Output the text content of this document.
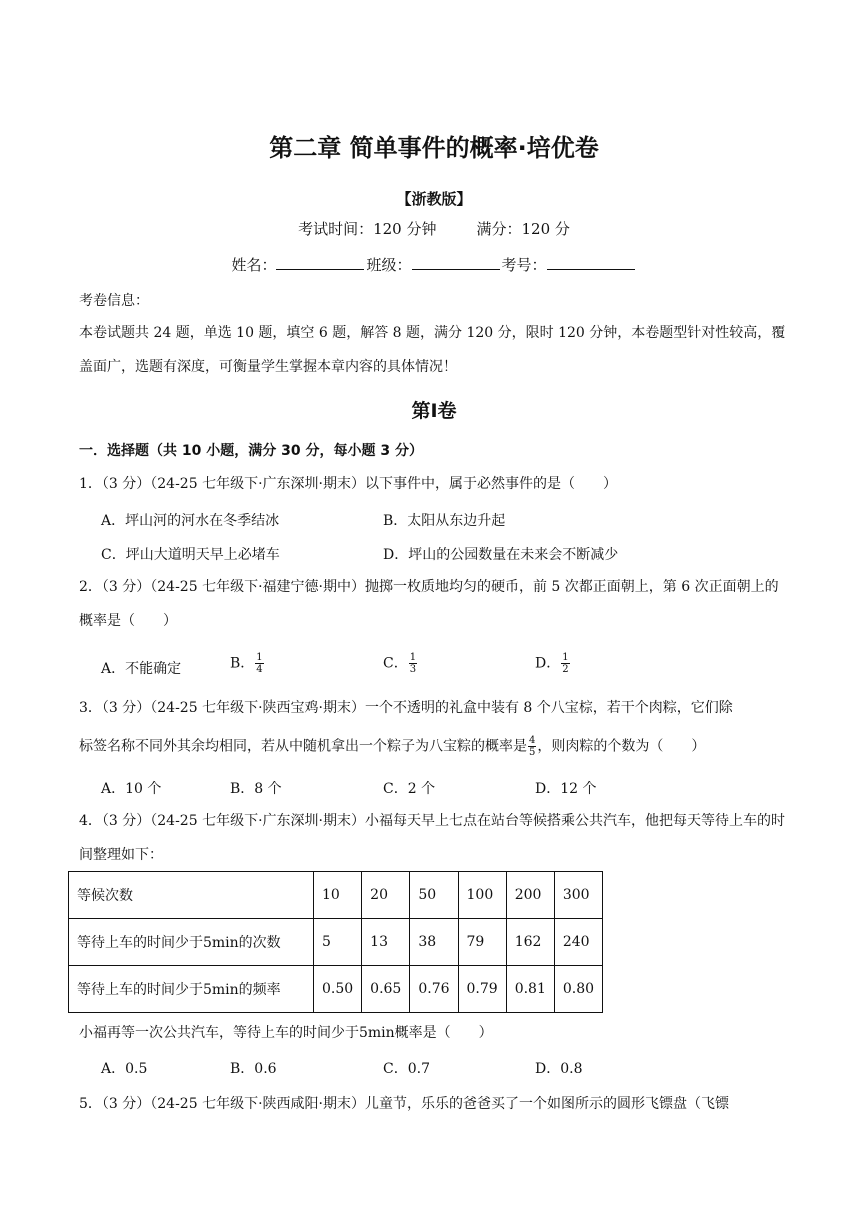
第二章 简单事件的概率·培优卷
【浙教版】
考试时间：120 分钟	满分：120 分
姓名：	班级：	考号：
考卷信息：
本卷试题共 24 题，单选 10 题，填空 6 题，解答 8 题，满分 120 分，限时 120 分钟，本卷题型针对性较高，覆盖面广，选题有深度，可衡量学生掌握本章内容的具体情况！
第Ⅰ卷
一．选择题（共 10 小题，满分 30 分，每小题 3 分）
1．（3 分）（24-25 七年级下·广东深圳·期末）以下事件中，属于必然事件的是（　　）
A．坪山河的河水在冬季结冰	B．太阳从东边升起
C．坪山大道明天早上必堵车	D．坪山的公园数量在未来会不断减少
2．（3 分）（24-25 七年级下·福建宁德·期中）抛掷一枚质地均匀的硬币，前 5 次都正面朝上，第 6 次正面朝上的概率是（　　）
A．不能确定	B． $\frac{1}{4}$	C． $\frac{1}{3}$	D． $\frac{1}{2}$
3．（3 分）（24-25 七年级下·陕西宝鸡·期末）一个不透明的礼盒中装有 8 个八宝棕，若干个肉粽，它们除
标签名称不同外其余均相同，若从中随机拿出一个粽子为八宝粽的概率是 $\frac{4}{5}$ ，则肉粽的个数为（　　）
A．10 个	B．8 个	C．2 个	D．12 个
4．（3 分）（24-25 七年级下·广东深圳·期末）小福每天早上七点在站台等候搭乘公共汽车，他把每天等待上车的时间整理如下：
等候次数	10	20	50	100	200	300
等待上车的时间少于5min的次数	5	13	38	79	162	240
等待上车的时间少于5min的频率	0.50	0.65	0.76	0.79	0.81	0.80
小福再等一次公共汽车，等待上车的时间少于5min概率是（　　）
A．0.5	B．0.6	C．0.7	D．0.8
5．（3 分）（24-25 七年级下·陕西咸阳·期末）儿童节，乐乐的爸爸买了一个如图所示的圆形飞镖盘（飞镖
